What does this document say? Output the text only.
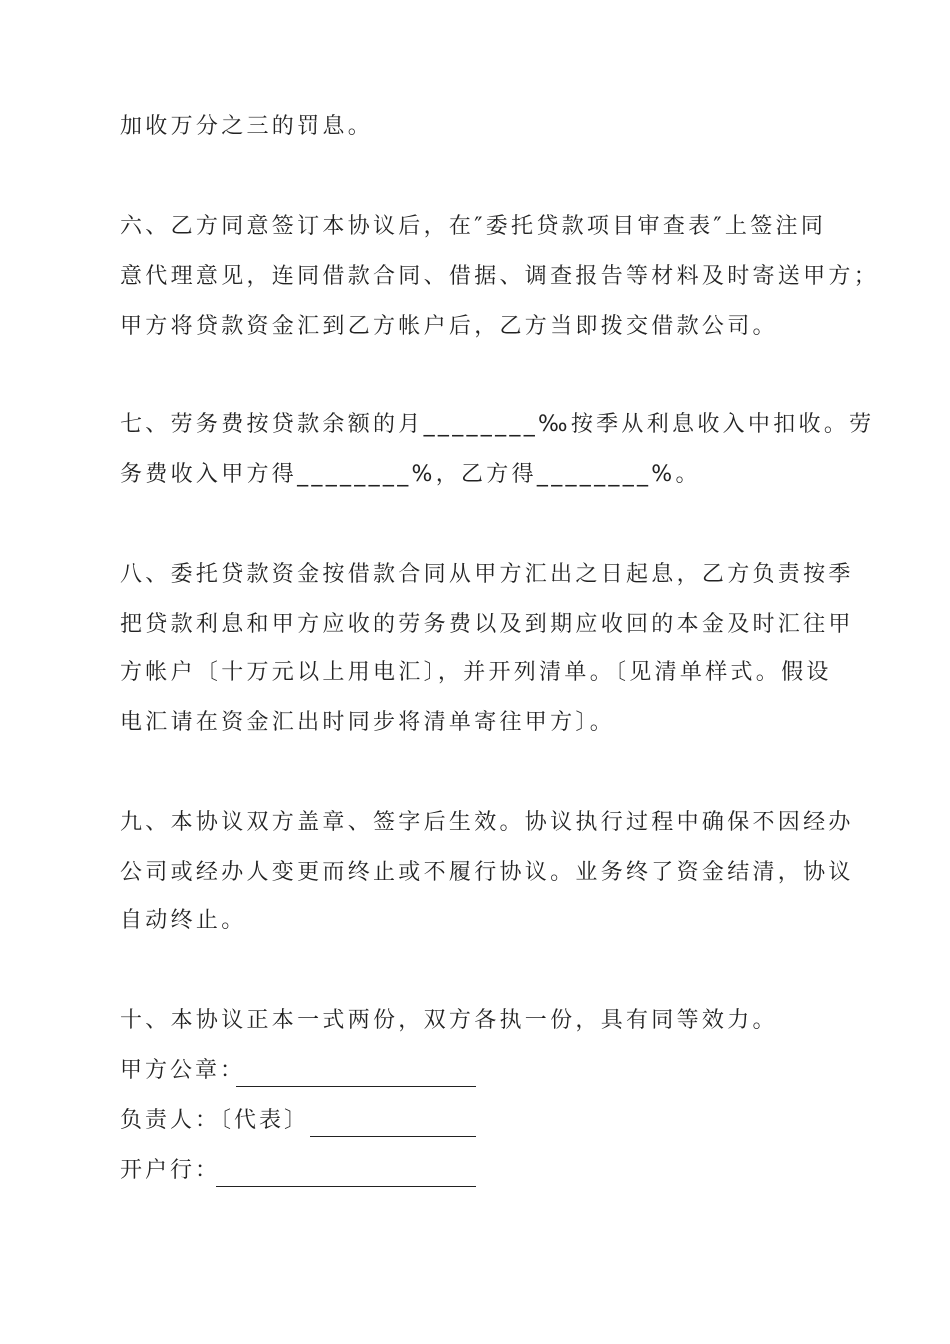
加收万分之三的罚息。

六、乙方同意签订本协议后，在″委托贷款项目审查表″上签注同

意代理意见，连同借款合同、借据、调查报告等材料及时寄送甲方；

甲方将贷款资金汇到乙方帐户后，乙方当即拨交借款公司。

七、劳务费按贷款余额的月________‰按季从利息收入中扣收。劳

务费收入甲方得________%，乙方得________%。

八、委托贷款资金按借款合同从甲方汇出之日起息，乙方负责按季

把贷款利息和甲方应收的劳务费以及到期应收回的本金及时汇往甲

方帐户〔十万元以上用电汇〕，并开列清单。〔见清单样式。假设

电汇请在资金汇出时同步将清单寄往甲方〕。

九、本协议双方盖章、签字后生效。协议执行过程中确保不因经办

公司或经办人变更而终止或不履行协议。业务终了资金结清，协议

自动终止。

十、本协议正本一式两份，双方各执一份，具有同等效力。

甲方公章：
负责人：〔代表〕
开户行：
